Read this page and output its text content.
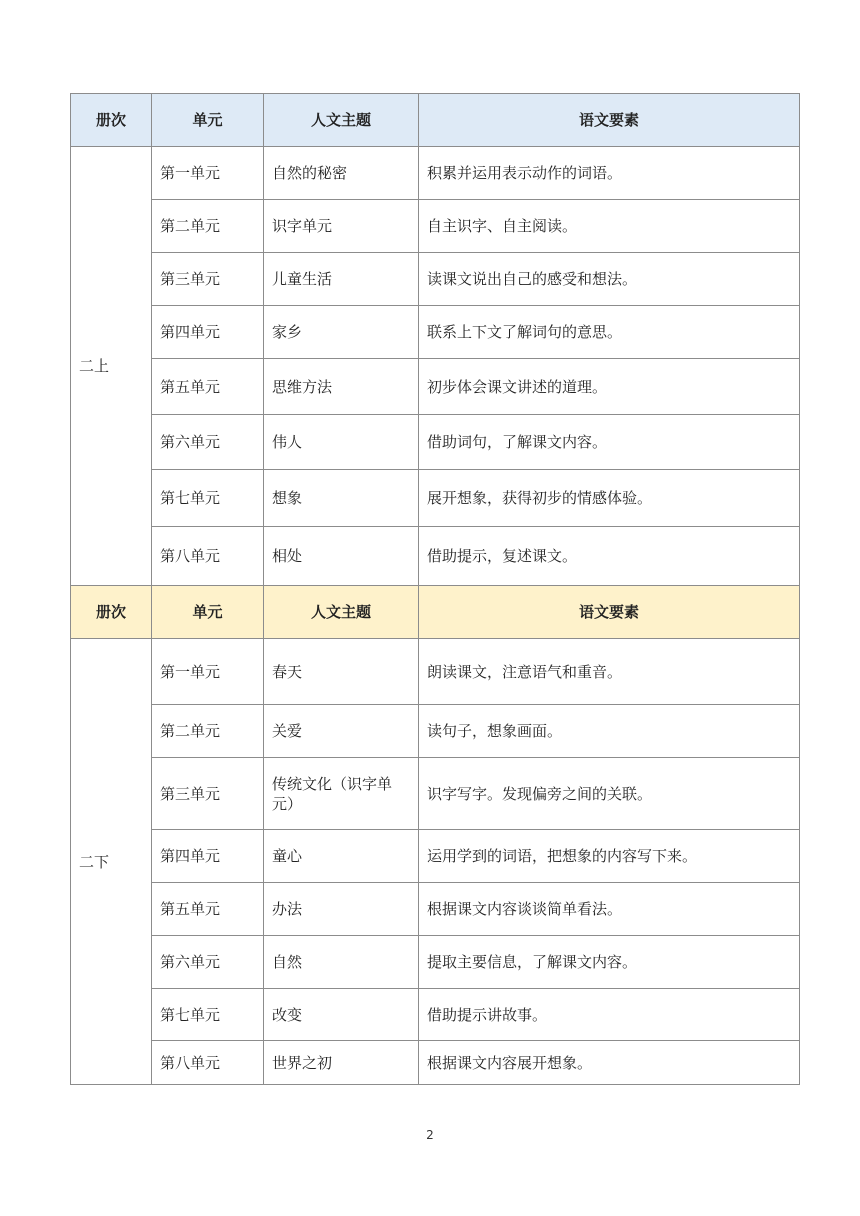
册次	单元	人文主题	语文要素
二上	第一单元	自然的秘密	积累并运用表示动作的词语。
	第二单元	识字单元	自主识字、自主阅读。
	第三单元	儿童生活	读课文说出自己的感受和想法。
	第四单元	家乡	联系上下文了解词句的意思。
	第五单元	思维方法	初步体会课文讲述的道理。
	第六单元	伟人	借助词句，了解课文内容。
	第七单元	想象	展开想象，获得初步的情感体验。
	第八单元	相处	借助提示，复述课文。
册次	单元	人文主题	语文要素
二下	第一单元	春天	朗读课文，注意语气和重音。
	第二单元	关爱	读句子，想象画面。
	第三单元	传统文化（识字单元）	识字写字。发现偏旁之间的关联。
	第四单元	童心	运用学到的词语，把想象的内容写下来。
	第五单元	办法	根据课文内容谈谈简单看法。
	第六单元	自然	提取主要信息，了解课文内容。
	第七单元	改变	借助提示讲故事。
	第八单元	世界之初	根据课文内容展开想象。
2
